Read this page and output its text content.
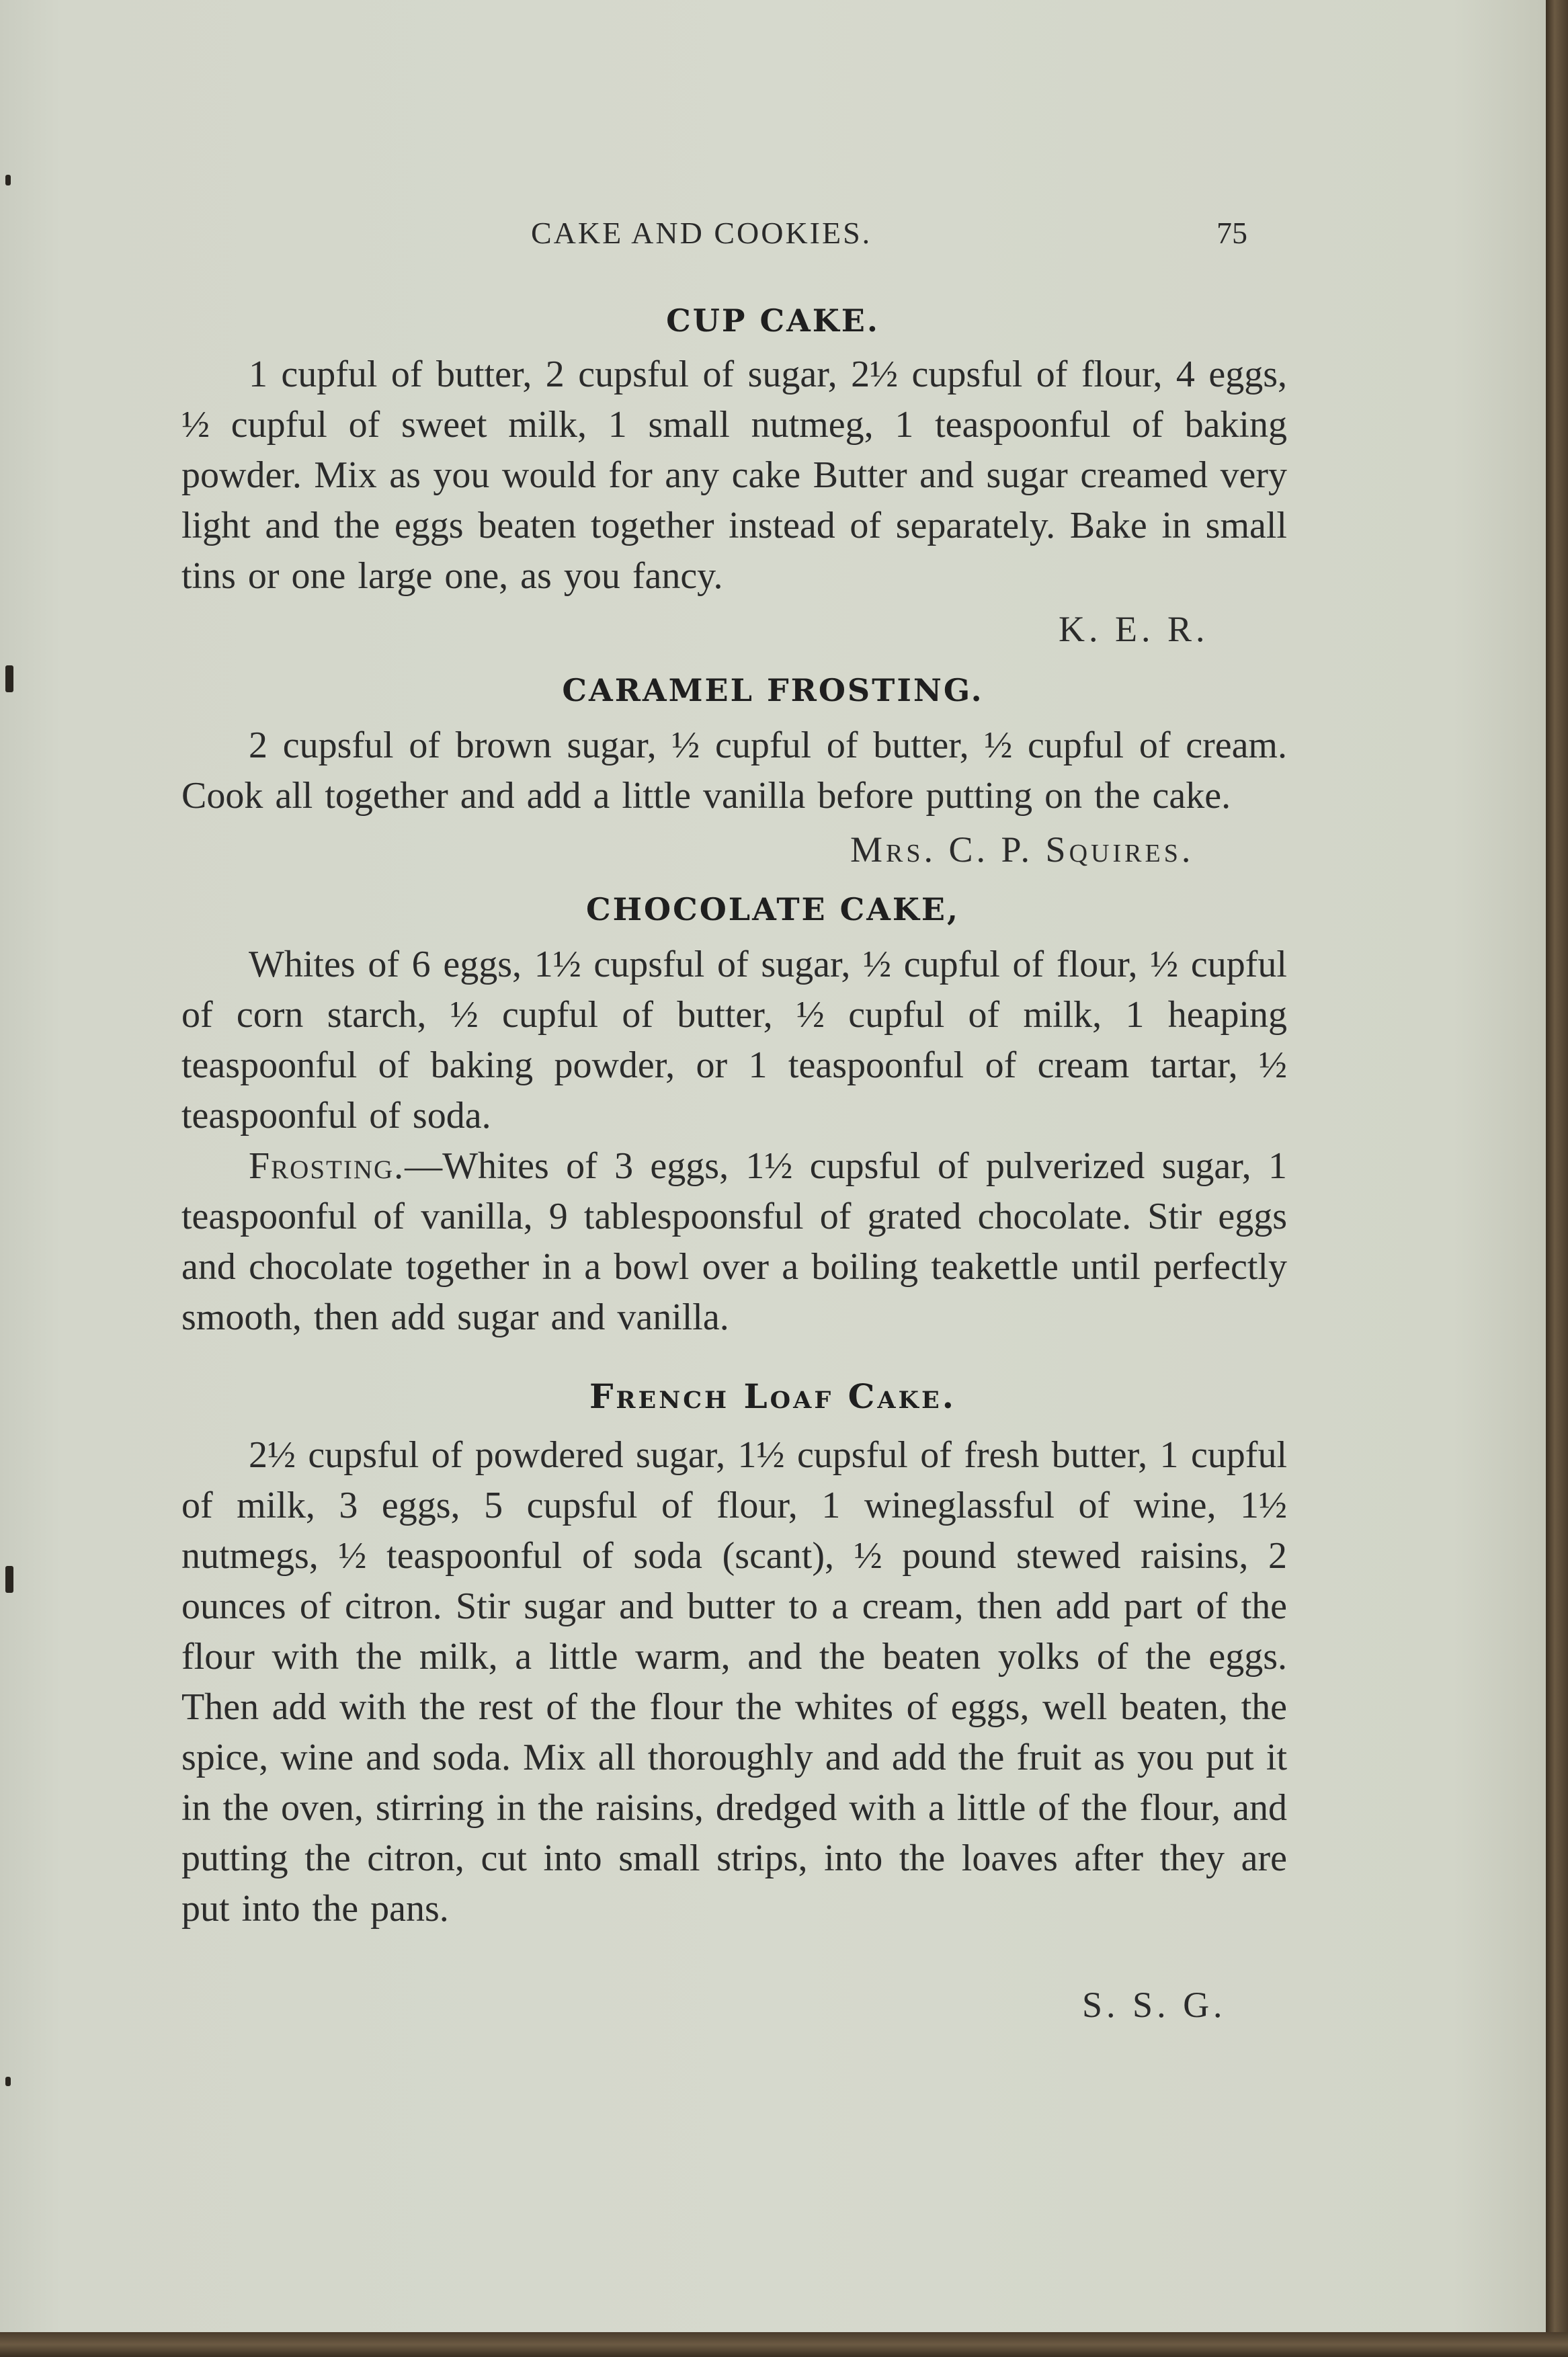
CAKE AND COOKIES.	75
CUP CAKE.

1 cupful of butter, 2 cupsful of sugar, 2½ cupsful of flour, 4 eggs, ½ cupful of sweet milk, 1 small nutmeg, 1 teaspoonful of baking powder. Mix as you would for any cake Butter and sugar creamed very light and the eggs beaten together instead of separately. Bake in small tins or one large one, as you fancy.

K. E. R.
CARAMEL FROSTING.

2 cupsful of brown sugar, ½ cupful of butter, ½ cupful of cream. Cook all together and add a little vanilla before putting on the cake.

Mrs. C. P. Squires.
CHOCOLATE CAKE,

Whites of 6 eggs, 1½ cupsful of sugar, ½ cupful of flour, ½ cupful of corn starch, ½ cupful of butter, ½ cupful of milk, 1 heaping teaspoonful of baking powder, or 1 teaspoonful of cream tartar, ½ teaspoonful of soda.

Frosting.—Whites of 3 eggs, 1½ cupsful of pulverized sugar, 1 teaspoonful of vanilla, 9 tablespoonsful of grated chocolate. Stir eggs and chocolate together in a bowl over a boiling teakettle until perfectly smooth, then add sugar and vanilla.

French Loaf Cake.

2½ cupsful of powdered sugar, 1½ cupsful of fresh butter, 1 cupful of milk, 3 eggs, 5 cupsful of flour, 1 wineglassful of wine, 1½ nutmegs, ½ teaspoonful of soda (scant), ½ pound stewed raisins, 2 ounces of citron. Stir sugar and butter to a cream, then add part of the flour with the milk, a little warm, and the beaten yolks of the eggs. Then add with the rest of the flour the whites of eggs, well beaten, the spice, wine and soda. Mix all thoroughly and add the fruit as you put it in the oven, stirring in the raisins, dredged with a little of the flour, and putting the citron, cut into small strips, into the loaves after they are put into the pans.

S. S. G.
